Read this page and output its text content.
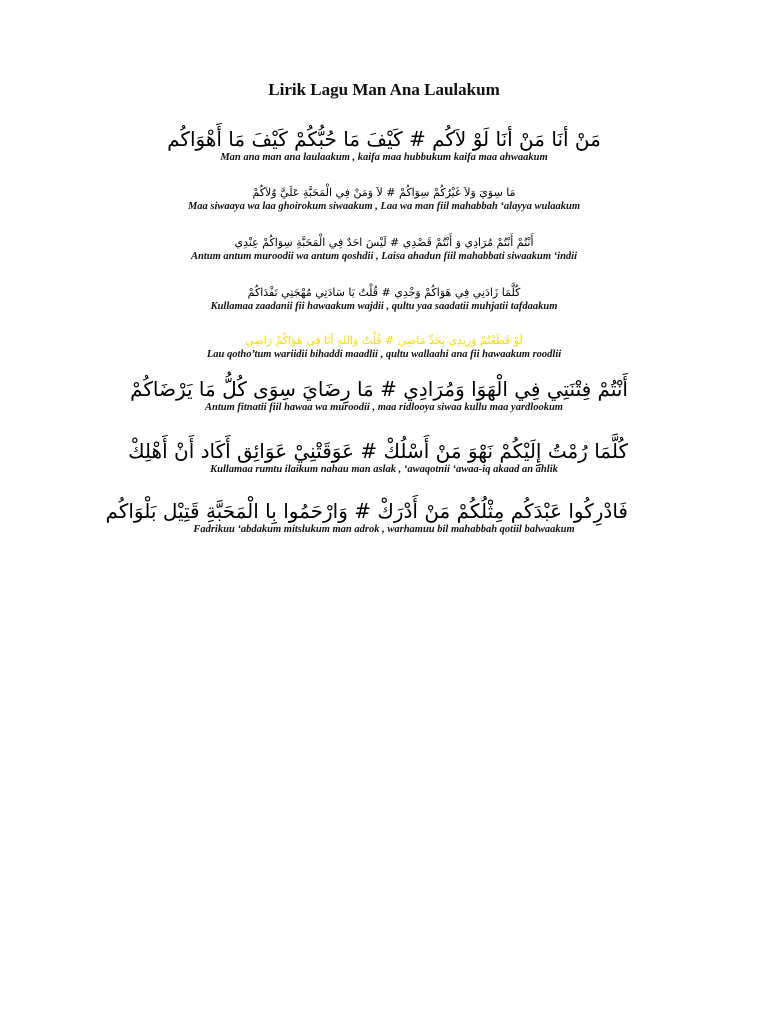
Lirik Lagu Man Ana Laulakum
مَنْ أنَا مَنْ أنَا لَوْ لاَكُم # كَيْفَ مَا حُبُّكُمْ كَيْفَ مَا أَهْوَاكُم
Man ana man ana laulaakum , kaifa maa hubbukum kaifa maa ahwaakum
مَا سِوَيَ وَلاَ غَيْرُكُمْ سِوَاكُمْ # لاَ وَمَنْ فِي الْمَحَبَّةِ عَلَيَّ وُلاَكُمْ
Maa siwaaya wa laa ghoirokum siwaakum , Laa wa man fiil mahabbah ‘alayya wulaakum
أَنْتُمْ أَنْتُمْ مُرَادِي وَ أَنْتُمْ قَصْدِي # لَيْسَ احَدٌ فِي الْمَحَبَّةِ سِوَاكُمْ عِنْدِي
Antum antum muroodii wa antum qoshdii , Laisa ahadun fiil mahabbati siwaakum ‘indii
كُلَّمَا زَادَنِي فِي هَوَاكُمْ وَجْدِي # قُلْتُ يَا سَادَتِي مُهْجَتِي تَفْدَاكُمْ
Kullamaa zaadanii fii hawaakum wajdii , qultu yaa saadatii muhjatii tafdaakum
لَوْ قَطَعْتُمْ وَرِيدِي بِحَدِّ مَاضِي # قُلْتُ وَاللهِ أنَا فِي هَوَاكُمْ رَاضِي
Lau qotho’tum wariidii bihaddi maadlii , qultu wallaahi ana fii hawaakum roodlii
أَنْتُمْ فِتْنَتِي فِي الْهَوَا وَمُرَادِي # مَا رِضَايَ سِوَى كُلُّ مَا يَرْضَاكُمْ
Antum fitnatii fiil hawaa wa muroodii , maa ridlooya siwaa kullu maa yardlookum
كُلَّمَا رُمْتُ إِلَيْكُمْ نَهْوَ مَنْ أَسْلُكْ # عَوَقَتْنِيْ عَوَائِق أَكَاد أَنْ أَهْلِكْ
Kullamaa rumtu ilaikum nahau man aslak , ‘awaqotnii ‘awaa-iq akaad an ahlik
فَادْرِكُوا عَبْدَكُم مِثْلُكُمْ مَنْ أَدْرَكْ # وَارْحَمُوا بِا الْمَحَبَّةِ قَتِيْل بَلْوَاكُم
Fadrikuu ‘abdakum mitslukum man adrok , warhamuu bil mahabbah qotiil balwaakum
